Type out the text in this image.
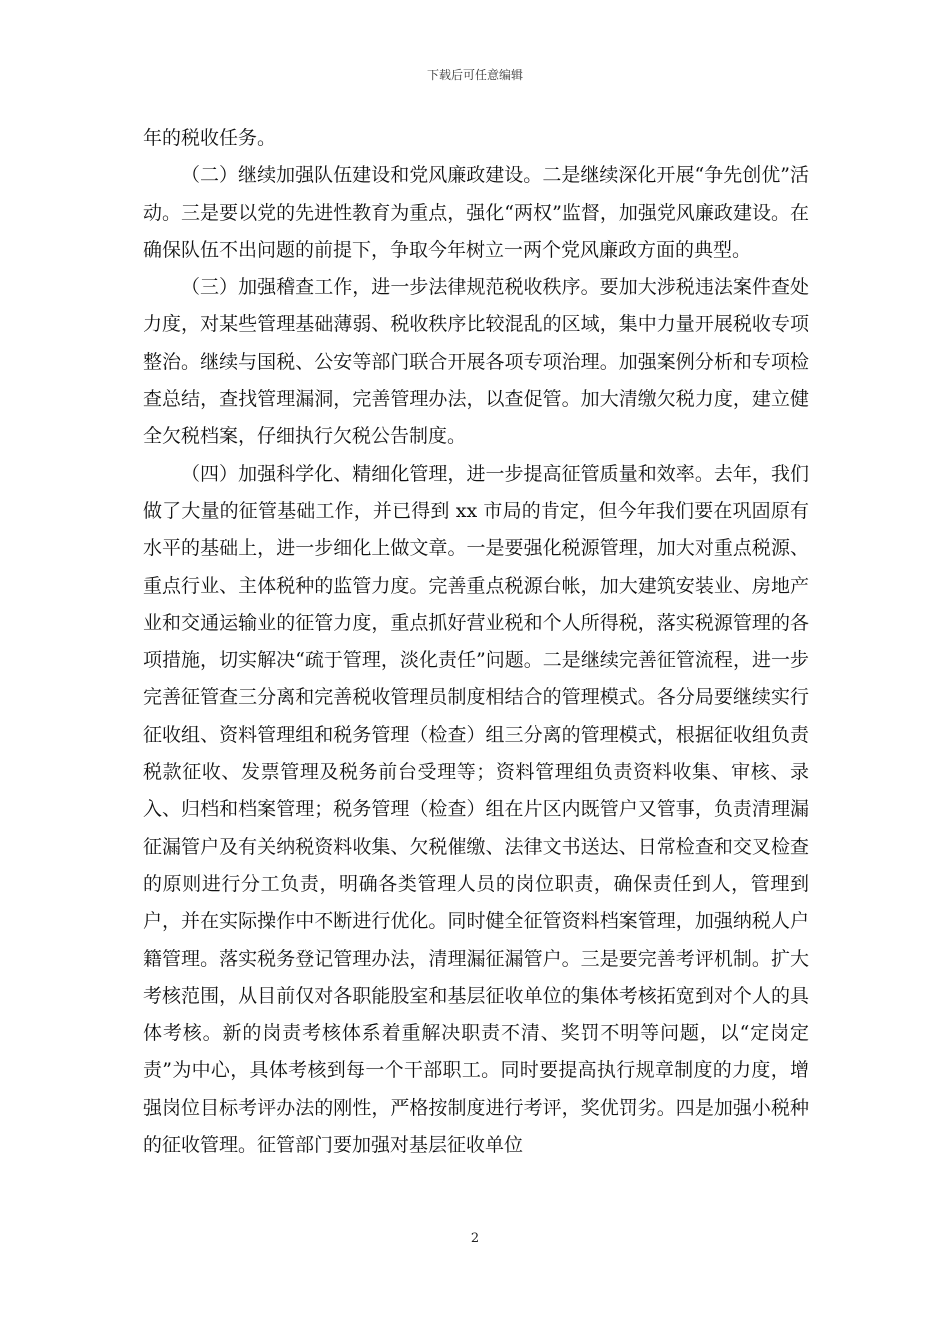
下载后可任意编辑

年的税收任务。

（二）继续加强队伍建设和党风廉政建设。二是继续深化开展“争先创优”活动。三是要以党的先进性教育为重点，强化“两权”监督，加强党风廉政建设。在确保队伍不出问题的前提下，争取今年树立一两个党风廉政方面的典型。

（三）加强稽查工作，进一步法律规范税收秩序。要加大涉税违法案件查处力度，对某些管理基础薄弱、税收秩序比较混乱的区域，集中力量开展税收专项整治。继续与国税、公安等部门联合开展各项专项治理。加强案例分析和专项检查总结，查找管理漏洞，完善管理办法，以查促管。加大清缴欠税力度，建立健全欠税档案，仔细执行欠税公告制度。

（四）加强科学化、精细化管理，进一步提高征管质量和效率。去年，我们做了大量的征管基础工作，并已得到 xx 市局的肯定，但今年我们要在巩固原有水平的基础上，进一步细化上做文章。一是要强化税源管理，加大对重点税源、重点行业、主体税种的监管力度。完善重点税源台帐，加大建筑安装业、房地产业和交通运输业的征管力度，重点抓好营业税和个人所得税，落实税源管理的各项措施，切实解决“疏于管理，淡化责任”问题。二是继续完善征管流程，进一步完善征管查三分离和完善税收管理员制度相结合的管理模式。各分局要继续实行征收组、资料管理组和税务管理（检查）组三分离的管理模式，根据征收组负责税款征收、发票管理及税务前台受理等；资料管理组负责资料收集、审核、录入、归档和档案管理；税务管理（检查）组在片区内既管户又管事，负责清理漏征漏管户及有关纳税资料收集、欠税催缴、法律文书送达、日常检查和交叉检查的原则进行分工负责，明确各类管理人员的岗位职责，确保责任到人，管理到户，并在实际操作中不断进行优化。同时健全征管资料档案管理，加强纳税人户籍管理。落实税务登记管理办法，清理漏征漏管户。三是要完善考评机制。扩大考核范围，从目前仅对各职能股室和基层征收单位的集体考核拓宽到对个人的具体考核。新的岗责考核体系着重解决职责不清、奖罚不明等问题，以“定岗定责”为中心，具体考核到每一个干部职工。同时要提高执行规章制度的力度，增强岗位目标考评办法的刚性，严格按制度进行考评，奖优罚劣。四是加强小税种的征收管理。征管部门要加强对基层征收单位

2
